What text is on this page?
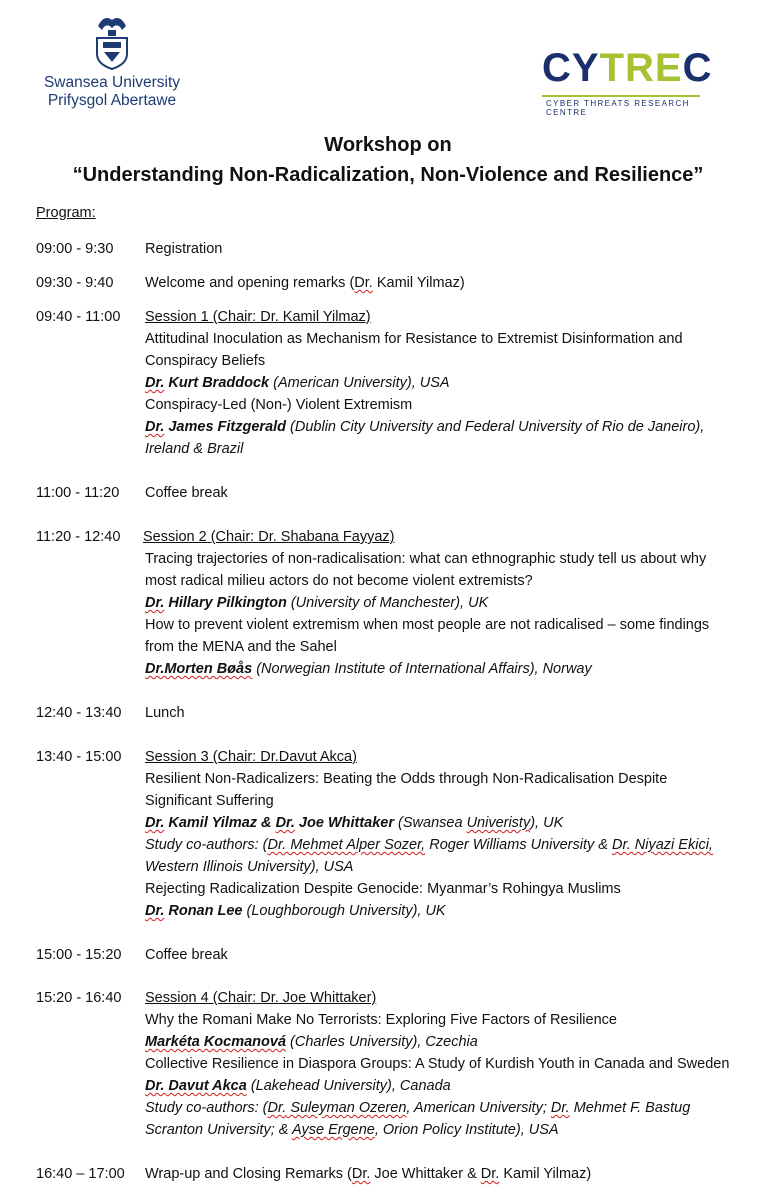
Swansea University
Prifysgol Abertawe
CYTREC
CYBER THREATS RESEARCH CENTRE
Workshop on
“Understanding Non-Radicalization, Non-Violence and Resilience”
Program:
09:00 - 9:30 Registration
09:30 - 9:40 Welcome and opening remarks (Dr. Kamil Yilmaz)
09:40 - 11:00 Session 1 (Chair: Dr. Kamil Yilmaz)
Attitudinal Inoculation as Mechanism for Resistance to Extremist Disinformation and
Conspiracy Beliefs
Dr. Kurt Braddock (American University), USA
Conspiracy-Led (Non-) Violent Extremism
Dr. James Fitzgerald (Dublin City University and Federal University of Rio de Janeiro),
Ireland & Brazil
11:00 - 11:20 Coffee break
11:20 - 12:40 Session 2 (Chair: Dr. Shabana Fayyaz)
Tracing trajectories of non-radicalisation: what can ethnographic study tell us about why
most radical milieu actors do not become violent extremists?
Dr. Hillary Pilkington (University of Manchester), UK
How to prevent violent extremism when most people are not radicalised – some findings
from the MENA and the Sahel
Dr.Morten Bøås (Norwegian Institute of International Affairs), Norway
12:40 - 13:40 Lunch
13:40 - 15:00 Session 3 (Chair: Dr.Davut Akca)
Resilient Non-Radicalizers: Beating the Odds through Non-Radicalisation Despite
Significant Suffering
Dr. Kamil Yilmaz & Dr. Joe Whittaker (Swansea Univeristy), UK
Study co-authors: (Dr. Mehmet Alper Sozer, Roger Williams University & Dr. Niyazi Ekici,
Western Illinois University), USA
Rejecting Radicalization Despite Genocide: Myanmar’s Rohingya Muslims
Dr. Ronan Lee (Loughborough University), UK
15:00 - 15:20 Coffee break
15:20 - 16:40 Session 4 (Chair: Dr. Joe Whittaker)
Why the Romani Make No Terrorists: Exploring Five Factors of Resilience
Markéta Kocmanová (Charles University), Czechia
Collective Resilience in Diaspora Groups: A Study of Kurdish Youth in Canada and Sweden
Dr. Davut Akca (Lakehead University), Canada
Study co-authors: (Dr. Suleyman Ozeren, American University; Dr. Mehmet F. Bastug
Scranton University; & Ayse Ergene, Orion Policy Institute), USA
16:40 – 17:00 Wrap-up and Closing Remarks (Dr. Joe Whittaker & Dr. Kamil Yilmaz)
